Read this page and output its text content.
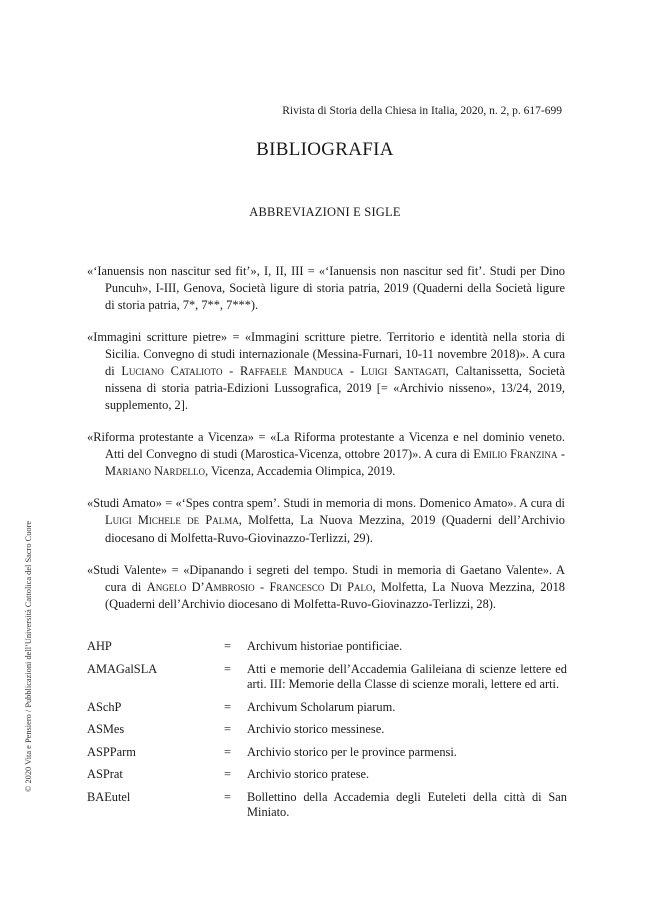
Rivista di Storia della Chiesa in Italia, 2020, n. 2, p. 617-699
BIBLIOGRAFIA
ABBREVIAZIONI E SIGLE

«‘Ianuensis non nascitur sed fit’», I, II, III = «‘Ianuensis non nascitur sed fit’. Studi per Dino Puncuh», I-III, Genova, Società ligure di storia patria, 2019 (Quaderni della Società ligure di storia patria, 7*, 7**, 7***).

«Immagini scritture pietre» = «Immagini scritture pietre. Territorio e identità nella storia di Sicilia. Convegno di studi internazionale (Messina-Furnari, 10-11 novembre 2018)». A cura di Luciano Catalioto - Raffaele Manduca - Luigi Santagati, Caltanissetta, Società nissena di storia patria-Edizioni Lussografica, 2019 [= «Archivio nisseno», 13/24, 2019, supplemento, 2].

«Riforma protestante a Vicenza» = «La Riforma protestante a Vicenza e nel dominio veneto. Atti del Convegno di studi (Marostica-Vicenza, ottobre 2017)». A cura di Emilio Franzina - Mariano Nardello, Vicenza, Accademia Olimpica, 2019.

«Studi Amato» = «‘Spes contra spem’. Studi in memoria di mons. Domenico Amato». A cura di Luigi Michele de Palma, Molfetta, La Nuova Mezzina, 2019 (Quaderni dell’Archivio diocesano di Molfetta-Ruvo-Giovinazzo-Terlizzi, 29).

«Studi Valente» = «Dipanando i segreti del tempo. Studi in memoria di Gaetano Valente». A cura di Angelo D’Ambrosio - Francesco Di Palo, Molfetta, La Nuova Mezzina, 2018 (Quaderni dell’Archivio diocesano di Molfetta-Ruvo-Giovinazzo-Terlizzi, 28).

AHP	=	Archivum historiae pontificiae.
AMAGalSLA	=	Atti e memorie dell’Accademia Galileiana di scienze lettere ed arti. III: Memorie della Classe di scienze morali, lettere ed arti.
ASchP	=	Archivum Scholarum piarum.
ASMes	=	Archivio storico messinese.
ASPParm	=	Archivio storico per le province parmensi.
ASPrat	=	Archivio storico pratese.
BAEutel	=	Bollettino della Accademia degli Euteleti della città di San Miniato.
© 2020 Vita e Pensiero / Pubblicazioni dell’Università Cattolica del Sacro Cuore
